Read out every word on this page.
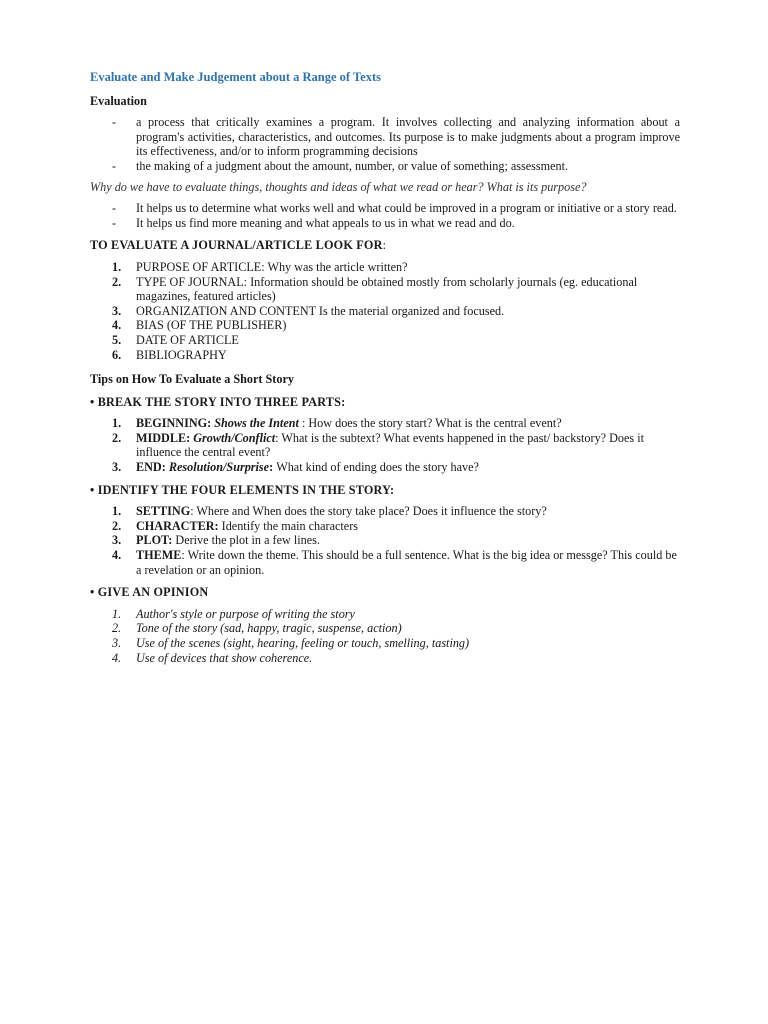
Evaluate and Make Judgement about a Range of Texts

Evaluation

- a process that critically examines a program. It involves collecting and analyzing information about a program's activities, characteristics, and outcomes. Its purpose is to make judgments about a program improve its effectiveness, and/or to inform programming decisions
- the making of a judgment about the amount, number, or value of something; assessment.

Why do we have to evaluate things, thoughts and ideas of what we read or hear? What is its purpose?

- It helps us to determine what works well and what could be improved in a program or initiative or a story read.
- It helps us find more meaning and what appeals to us in what we read and do.

TO EVALUATE A JOURNAL/ARTICLE LOOK FOR:

1. PURPOSE OF ARTICLE: Why was the article written?
2. TYPE OF JOURNAL: Information should be obtained mostly from scholarly journals (eg. educational magazines, featured articles)
3. ORGANIZATION AND CONTENT Is the material organized and focused.
4. BIAS (OF THE PUBLISHER)
5. DATE OF ARTICLE
6. BIBLIOGRAPHY

Tips on How To Evaluate a Short Story

• BREAK THE STORY INTO THREE PARTS:

1. BEGINNING: Shows the Intent : How does the story start? What is the central event?
2. MIDDLE: Growth/Conflict: What is the subtext? What events happened in the past/ backstory? Does it influence the central event?
3. END: Resolution/Surprise: What kind of ending does the story have?

• IDENTIFY THE FOUR ELEMENTS IN THE STORY:

1. SETTING: Where and When does the story take place? Does it influence the story?
2. CHARACTER: Identify the main characters
3. PLOT: Derive the plot in a few lines.
4. THEME: Write down the theme. This should be a full sentence. What is the big idea or messge? This could be a revelation or an opinion.

• GIVE AN OPINION

1. Author's style or purpose of writing the story
2. Tone of the story (sad, happy, tragic, suspense, action)
3. Use of the scenes (sight, hearing, feeling or touch, smelling, tasting)
4. Use of devices that show coherence.
